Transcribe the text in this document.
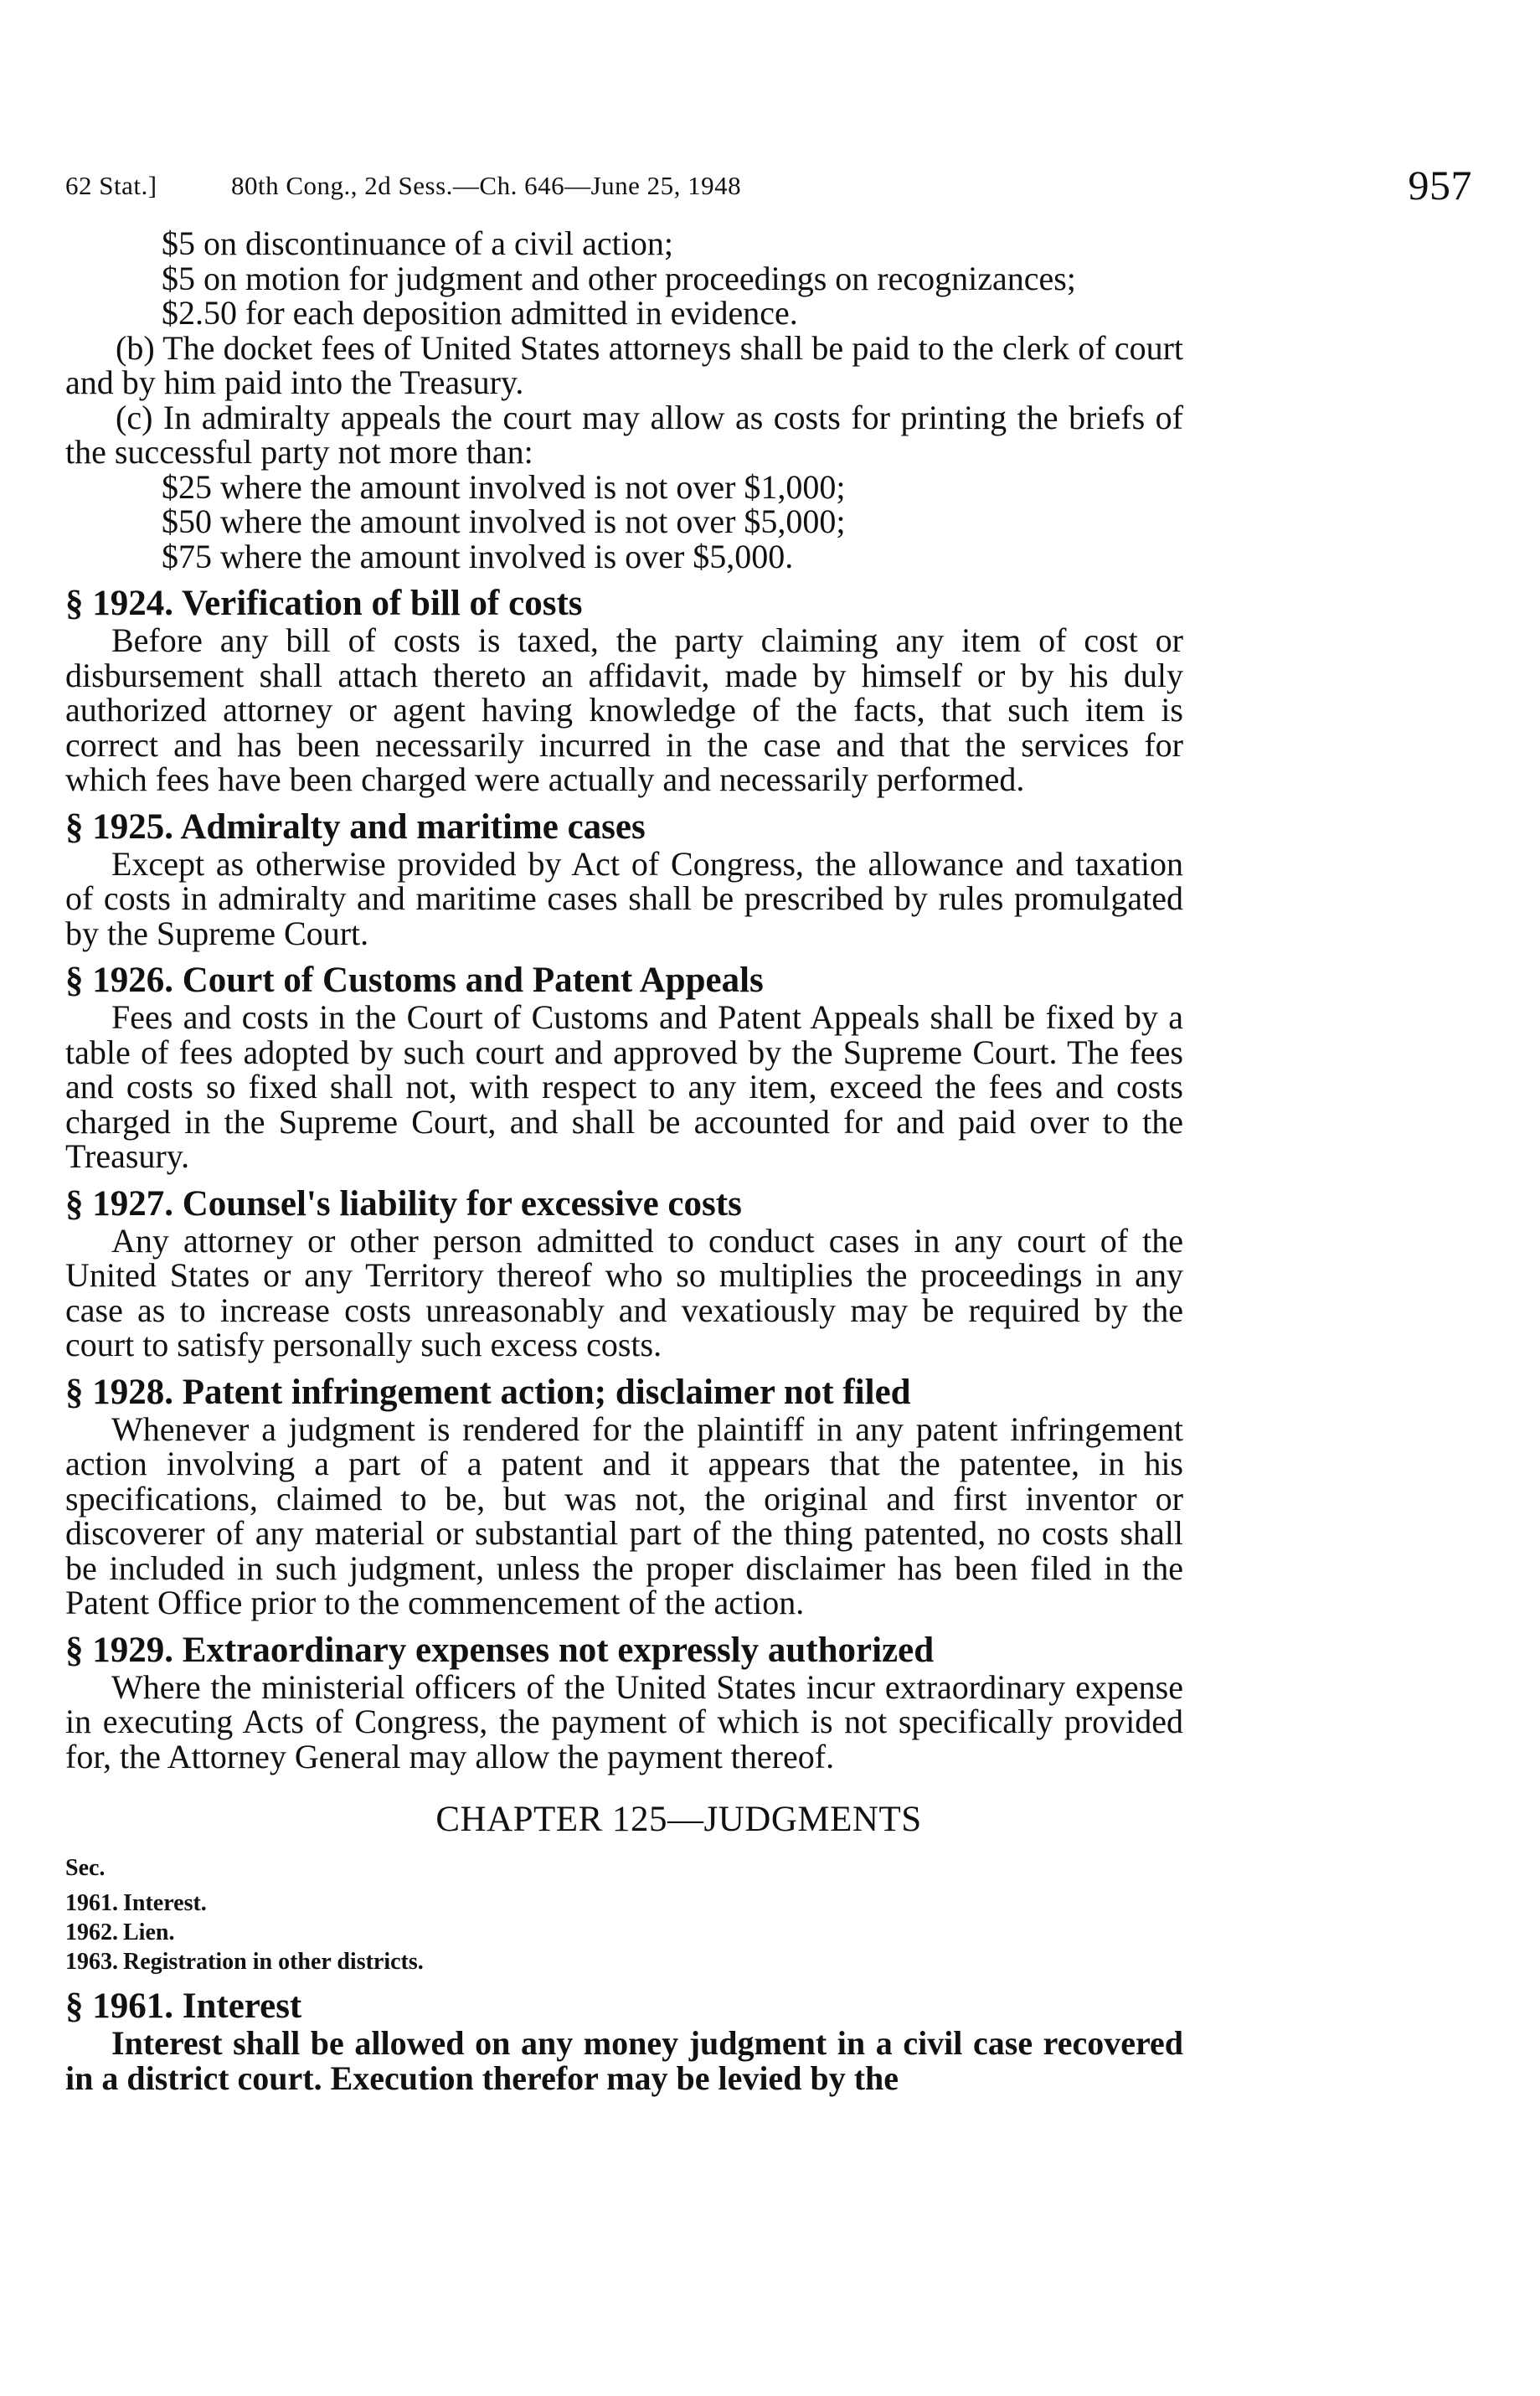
62 Stat.]	80th Cong., 2d Sess.—Ch. 646—June 25, 1948	957

$5 on discontinuance of a civil action;

$5 on motion for judgment and other proceedings on recognizances;

$2.50 for each deposition admitted in evidence.

(b) The docket fees of United States attorneys shall be paid to the clerk of court and by him paid into the Treasury.

(c) In admiralty appeals the court may allow as costs for printing the briefs of the successful party not more than:

$25 where the amount involved is not over $1,000;

$50 where the amount involved is not over $5,000;

$75 where the amount involved is over $5,000.

§ 1924. Verification of bill of costs

Before any bill of costs is taxed, the party claiming any item of cost or disbursement shall attach thereto an affidavit, made by himself or by his duly authorized attorney or agent having knowledge of the facts, that such item is correct and has been necessarily incurred in the case and that the services for which fees have been charged were actually and necessarily performed.

§ 1925. Admiralty and maritime cases

Except as otherwise provided by Act of Congress, the allowance and taxation of costs in admiralty and maritime cases shall be prescribed by rules promulgated by the Supreme Court.

§ 1926. Court of Customs and Patent Appeals

Fees and costs in the Court of Customs and Patent Appeals shall be fixed by a table of fees adopted by such court and approved by the Supreme Court. The fees and costs so fixed shall not, with respect to any item, exceed the fees and costs charged in the Supreme Court, and shall be accounted for and paid over to the Treasury.

§ 1927. Counsel's liability for excessive costs

Any attorney or other person admitted to conduct cases in any court of the United States or any Territory thereof who so multiplies the proceedings in any case as to increase costs unreasonably and vexatiously may be required by the court to satisfy personally such excess costs.

§ 1928. Patent infringement action; disclaimer not filed

Whenever a judgment is rendered for the plaintiff in any patent infringement action involving a part of a patent and it appears that the patentee, in his specifications, claimed to be, but was not, the original and first inventor or discoverer of any material or substantial part of the thing patented, no costs shall be included in such judgment, unless the proper disclaimer has been filed in the Patent Office prior to the commencement of the action.

§ 1929. Extraordinary expenses not expressly authorized

Where the ministerial officers of the United States incur extraordinary expense in executing Acts of Congress, the payment of which is not specifically provided for, the Attorney General may allow the payment thereof.

CHAPTER 125—JUDGMENTS

Sec.

1961. Interest.

1962. Lien.

1963. Registration in other districts.

§ 1961. Interest

Interest shall be allowed on any money judgment in a civil case recovered in a district court. Execution therefor may be levied by the
